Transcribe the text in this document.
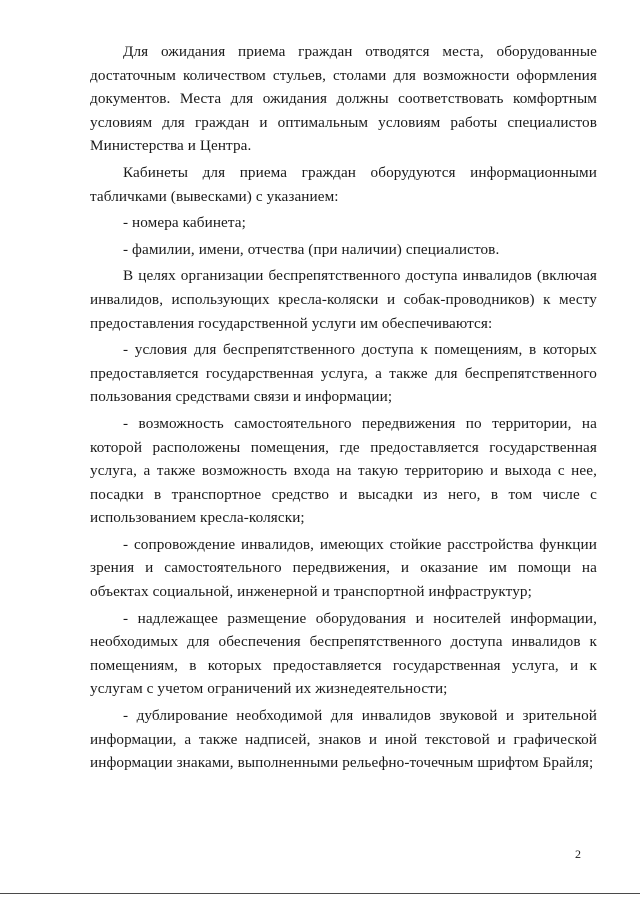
Для ожидания приема граждан отводятся места, оборудованные достаточным количеством стульев, столами для возможности оформления документов. Места для ожидания должны соответствовать комфортным условиям для граждан и оптимальным условиям работы специалистов Министерства и Центра.

Кабинеты для приема граждан оборудуются информационными табличками (вывесками) с указанием:

- номера кабинета;

- фамилии, имени, отчества (при наличии) специалистов.

В целях организации беспрепятственного доступа инвалидов (включая инвалидов, использующих кресла-коляски и собак-проводников) к месту предоставления государственной услуги им обеспечиваются:

- условия для беспрепятственного доступа к помещениям, в которых предоставляется государственная услуга, а также для беспрепятственного пользования средствами связи и информации;

- возможность самостоятельного передвижения по территории, на которой расположены помещения, где предоставляется государственная услуга, а также возможность входа на такую территорию и выхода с нее, посадки в транспортное средство и высадки из него, в том числе с использованием кресла-коляски;

- сопровождение инвалидов, имеющих стойкие расстройства функции зрения и самостоятельного передвижения, и оказание им помощи на объектах социальной, инженерной и транспортной инфраструктур;

- надлежащее размещение оборудования и носителей информации, необходимых для обеспечения беспрепятственного доступа инвалидов к помещениям, в которых предоставляется государственная услуга, и к услугам с учетом ограничений их жизнедеятельности;

- дублирование необходимой для инвалидов звуковой и зрительной информации, а также надписей, знаков и иной текстовой и графической информации знаками, выполненными рельефно-точечным шрифтом Брайля;

2
